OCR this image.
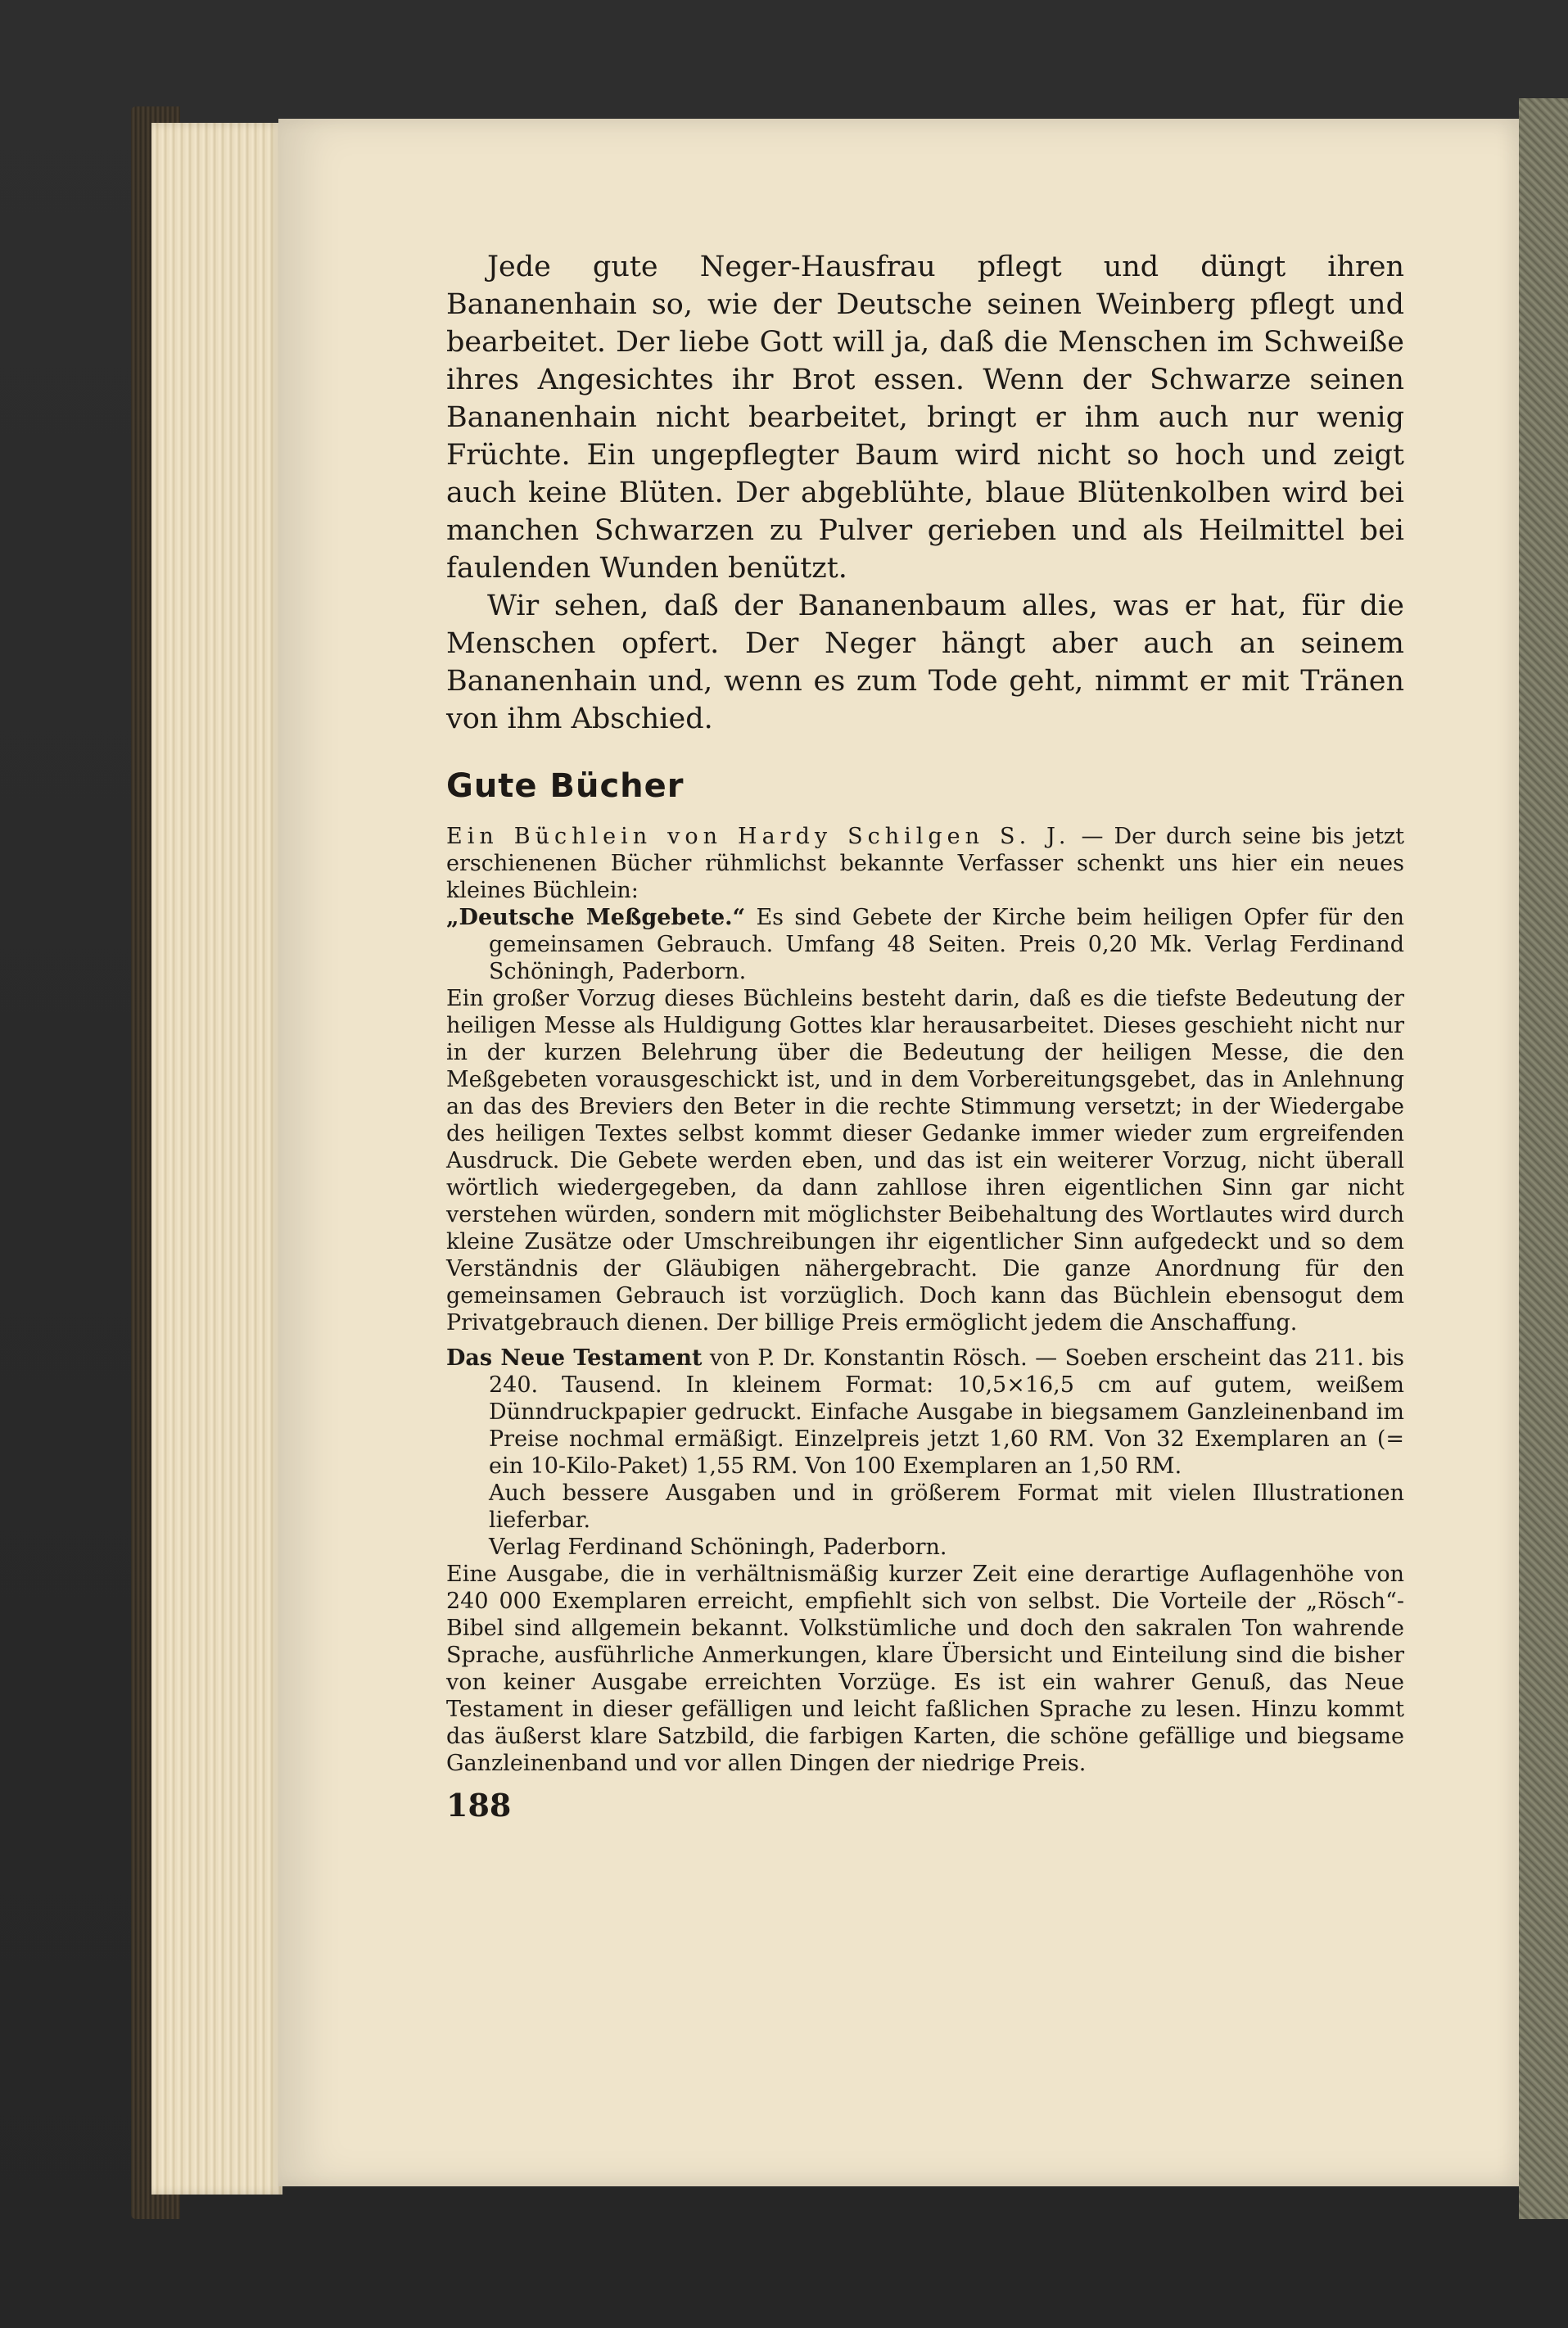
Jede gute Neger-Hausfrau pflegt und düngt ihren Bananenhain so, wie der Deutsche seinen Weinberg pflegt und bearbeitet. Der liebe Gott will ja, daß die Menschen im Schweiße ihres Angesichtes ihr Brot essen. Wenn der Schwarze seinen Bananenhain nicht bearbeitet, bringt er ihm auch nur wenig Früchte. Ein ungepflegter Baum wird nicht so hoch und zeigt auch keine Blüten. Der abgeblühte, blaue Blütenkolben wird bei manchen Schwarzen zu Pulver gerieben und als Heilmittel bei faulenden Wunden benützt.

Wir sehen, daß der Bananenbaum alles, was er hat, für die Menschen opfert. Der Neger hängt aber auch an seinem Bananenhain und, wenn es zum Tode geht, nimmt er mit Tränen von ihm Abschied.

Gute Bücher

Ein Büchlein von Hardy Schilgen S. J. — Der durch seine bis jetzt erschienenen Bücher rühmlichst bekannte Verfasser schenkt uns hier ein neues kleines Büchlein:

„Deutsche Meßgebete.“ Es sind Gebete der Kirche beim heiligen Opfer für den gemeinsamen Gebrauch. Umfang 48 Seiten. Preis 0,20 Mk. Verlag Ferdinand Schöningh, Paderborn.

Ein großer Vorzug dieses Büchleins besteht darin, daß es die tiefste Bedeutung der heiligen Messe als Huldigung Gottes klar herausarbeitet. Dieses geschieht nicht nur in der kurzen Belehrung über die Bedeutung der heiligen Messe, die den Meßgebeten vorausgeschickt ist, und in dem Vorbereitungsgebet, das in Anlehnung an das des Breviers den Beter in die rechte Stimmung versetzt; in der Wiedergabe des heiligen Textes selbst kommt dieser Gedanke immer wieder zum ergreifenden Ausdruck. Die Gebete werden eben, und das ist ein weiterer Vorzug, nicht überall wörtlich wiedergegeben, da dann zahllose ihren eigentlichen Sinn gar nicht verstehen würden, sondern mit möglichster Beibehaltung des Wortlautes wird durch kleine Zusätze oder Umschreibungen ihr eigentlicher Sinn aufgedeckt und so dem Verständnis der Gläubigen nähergebracht. Die ganze Anordnung für den gemeinsamen Gebrauch ist vorzüglich. Doch kann das Büchlein ebensogut dem Privatgebrauch dienen. Der billige Preis ermöglicht jedem die Anschaffung.

Das Neue Testament von P. Dr. Konstantin Rösch. — Soeben erscheint das 211. bis 240. Tausend. In kleinem Format: 10,5×16,5 cm auf gutem, weißem Dünndruckpapier gedruckt. Einfache Ausgabe in biegsamem Ganzleinenband im Preise nochmal ermäßigt. Einzelpreis jetzt 1,60 RM. Von 32 Exemplaren an (= ein 10-Kilo-Paket) 1,55 RM. Von 100 Exemplaren an 1,50 RM.

Auch bessere Ausgaben und in größerem Format mit vielen Illustrationen lieferbar.

Verlag Ferdinand Schöningh, Paderborn.

Eine Ausgabe, die in verhältnismäßig kurzer Zeit eine derartige Auflagenhöhe von 240 000 Exemplaren erreicht, empfiehlt sich von selbst. Die Vorteile der „Rösch“-Bibel sind allgemein bekannt. Volkstümliche und doch den sakralen Ton wahrende Sprache, ausführliche Anmerkungen, klare Übersicht und Einteilung sind die bisher von keiner Ausgabe erreichten Vorzüge. Es ist ein wahrer Genuß, das Neue Testament in dieser gefälligen und leicht faßlichen Sprache zu lesen. Hinzu kommt das äußerst klare Satzbild, die farbigen Karten, die schöne gefällige und biegsame Ganzleinenband und vor allen Dingen der niedrige Preis.

188
